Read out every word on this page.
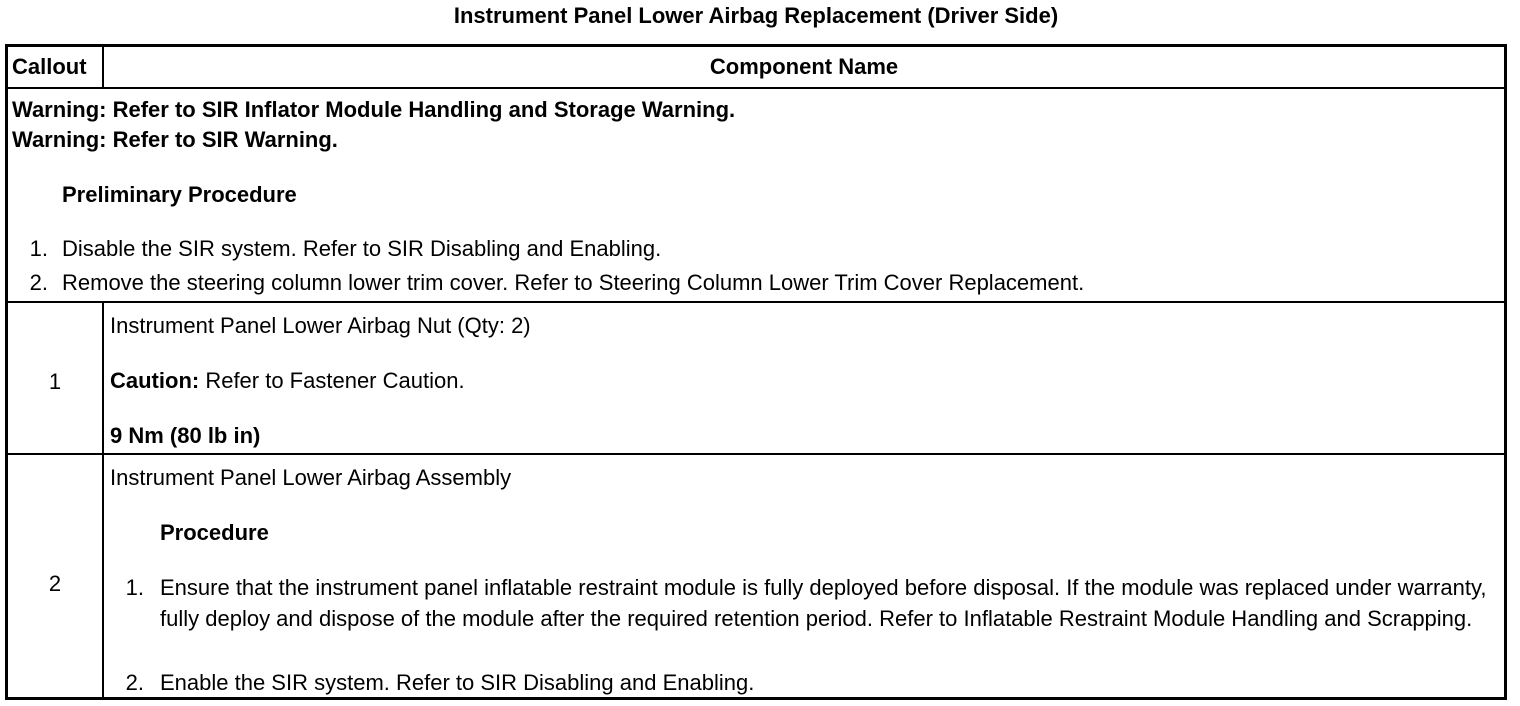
Instrument Panel Lower Airbag Replacement (Driver Side)
Callout	Component Name
Warning: Refer to SIR Inflator Module Handling and Storage Warning.
Warning: Refer to SIR Warning.
Preliminary Procedure
1. Disable the SIR system. Refer to SIR Disabling and Enabling.
2. Remove the steering column lower trim cover. Refer to Steering Column Lower Trim Cover Replacement.
1
Instrument Panel Lower Airbag Nut (Qty: 2)
Caution: Refer to Fastener Caution.
9 Nm (80 lb in)
2
Instrument Panel Lower Airbag Assembly
Procedure
1. Ensure that the instrument panel inflatable restraint module is fully deployed before disposal. If the module was replaced under warranty, fully deploy and dispose of the module after the required retention period. Refer to Inflatable Restraint Module Handling and Scrapping.
2. Enable the SIR system. Refer to SIR Disabling and Enabling.
